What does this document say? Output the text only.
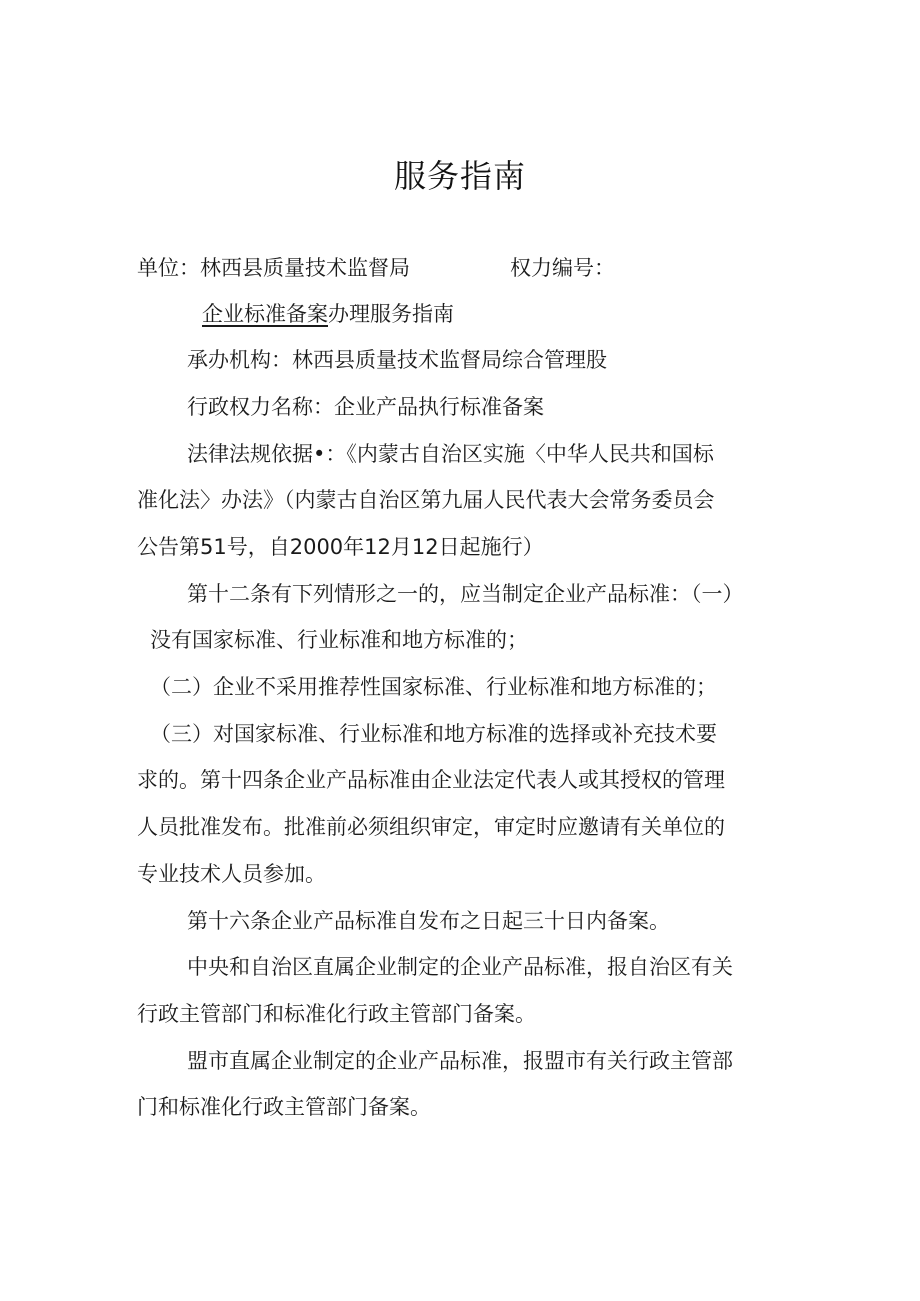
服务指南
单位：林西县质量技术监督局	权力编号：
企业标准备案办理服务指南
承办机构：林西县质量技术监督局综合管理股
行政权力名称：企业产品执行标准备案
法律法规依据•：《内蒙古自治区实施〈中华人民共和国标
准化法〉办法》（内蒙古自治区第九届人民代表大会常务委员会
公告第51号，自2000年12月12日起施行）
第十二条有下列情形之一的，应当制定企业产品标准：（一）
没有国家标准、行业标准和地方标准的；
（二）企业不采用推荐性国家标准、行业标准和地方标准的；
（三）对国家标准、行业标准和地方标准的选择或补充技术要
求的。第十四条企业产品标准由企业法定代表人或其授权的管理
人员批准发布。批准前必须组织审定，审定时应邀请有关单位的
专业技术人员参加。
第十六条企业产品标准自发布之日起三十日内备案。
中央和自治区直属企业制定的企业产品标准，报自治区有关
行政主管部门和标准化行政主管部门备案。
盟市直属企业制定的企业产品标准，报盟市有关行政主管部
门和标准化行政主管部门备案。
